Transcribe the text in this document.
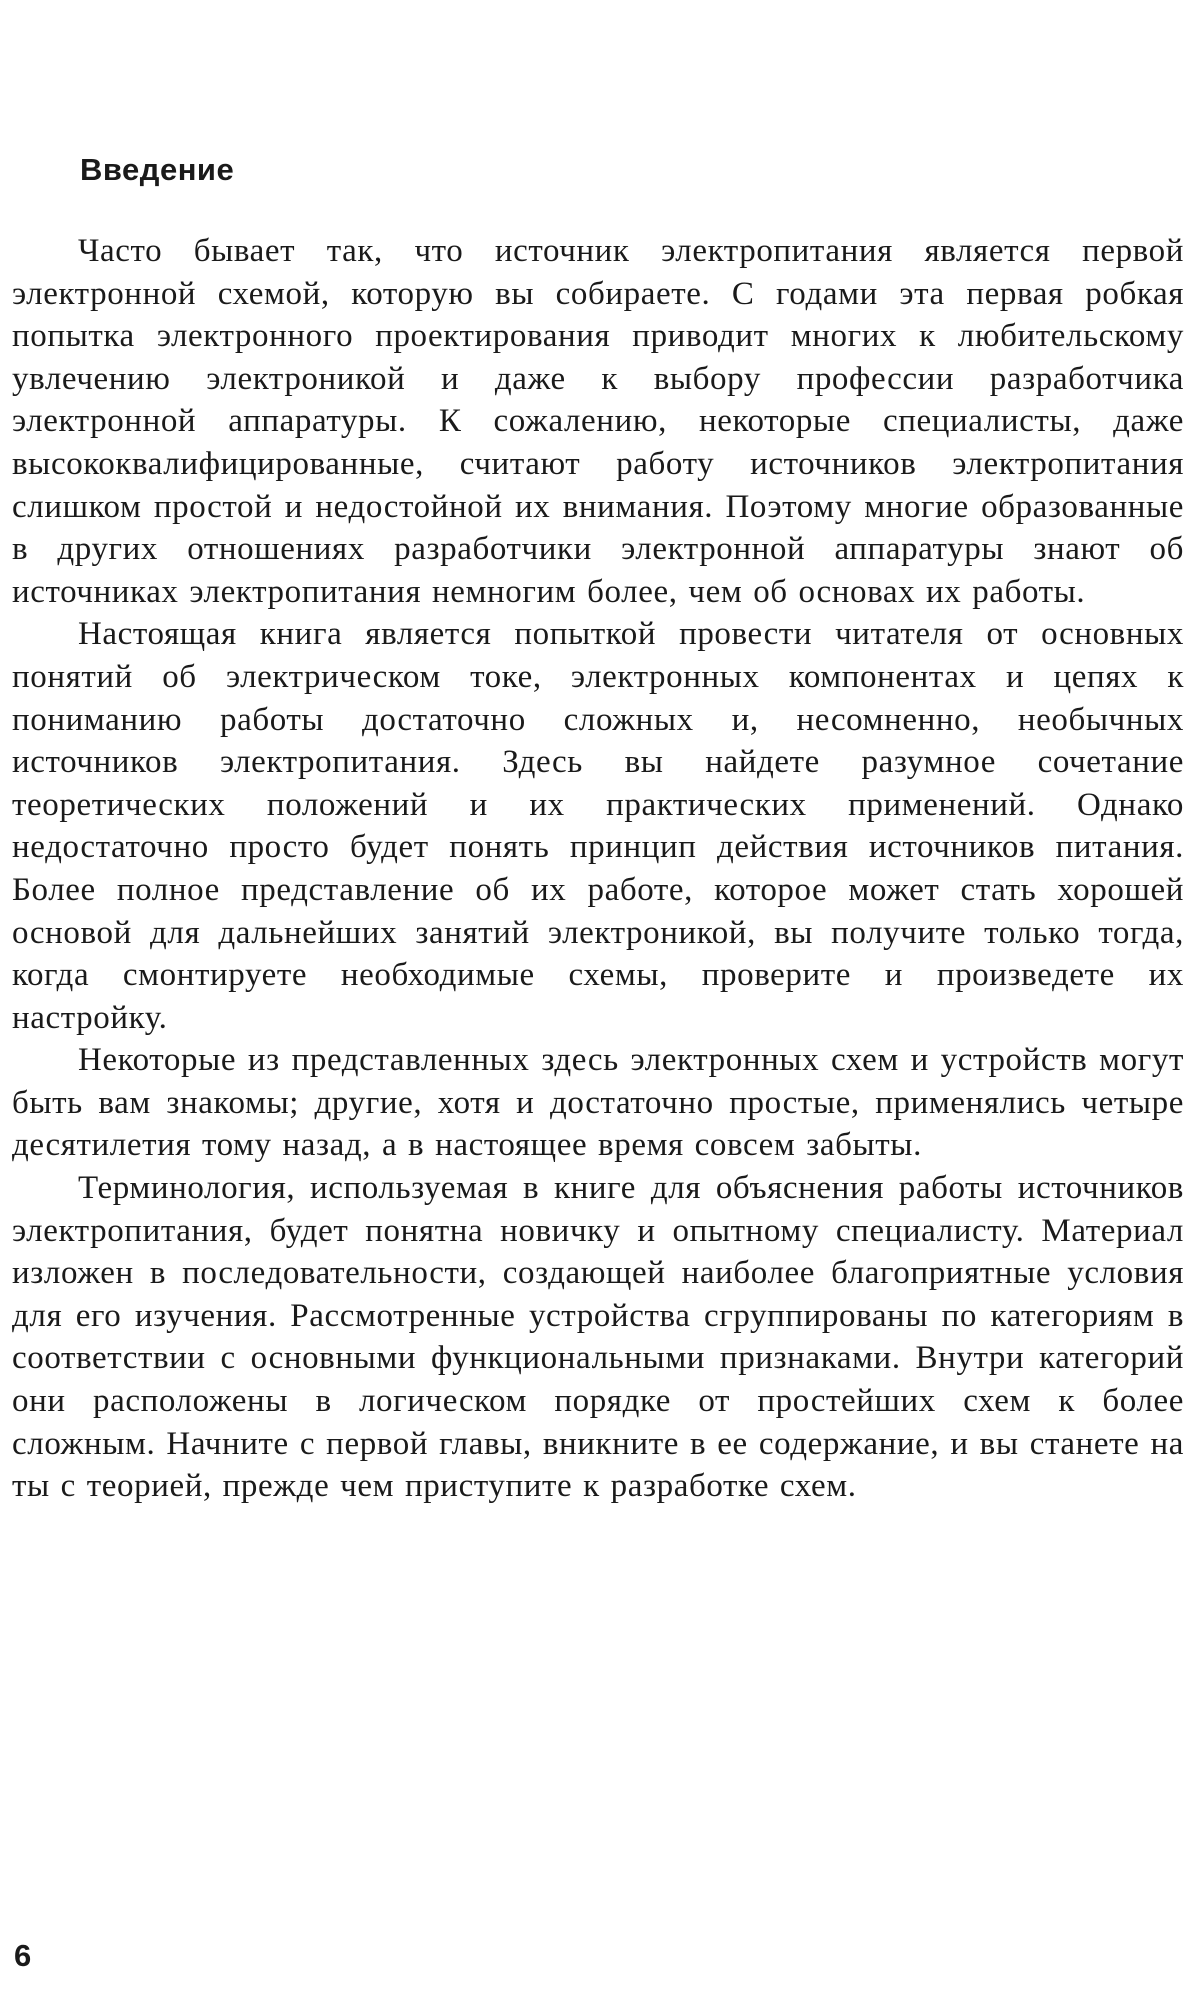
Введение

Часто бывает так, что источник электропитания является первой электронной схемой, которую вы собираете. С годами эта первая робкая попытка электронного проектирования приводит многих к любительскому увлечению электроникой и даже к выбору профессии разработчика электронной аппаратуры. К сожалению, некоторые специалисты, даже высококвалифицированные, считают работу источников электропитания слишком простой и недостойной их внимания. Поэтому многие образованные в других отношениях разработчики электронной аппаратуры знают об источниках электропитания немногим более, чем об основах их работы.

Настоящая книга является попыткой провести читателя от основных понятий об электрическом токе, электронных компонентах и цепях к пониманию работы достаточно сложных и, несомненно, необычных источников электропитания. Здесь вы найдете разумное сочетание теоретических положений и их практических применений. Однако недостаточно просто будет понять принцип действия источников питания. Более полное представление об их работе, которое может стать хорошей основой для дальнейших занятий электроникой, вы получите только тогда, когда смонтируете необходимые схемы, проверите и произведете их настройку.

Некоторые из представленных здесь электронных схем и устройств могут быть вам знакомы; другие, хотя и достаточно простые, применялись четыре десятилетия тому назад, а в настоящее время совсем забыты.

Терминология, используемая в книге для объяснения работы источников электропитания, будет понятна новичку и опытному специалисту. Материал изложен в последовательности, создающей наиболее благоприятные условия для его изучения. Рассмотренные устройства сгруппированы по категориям в соответствии с основными функциональными признаками. Внутри категорий они расположены в логическом порядке от простейших схем к более сложным. Начните с первой главы, вникните в ее содержание, и вы станете на ты с теорией, прежде чем приступите к разработке схем.

6
